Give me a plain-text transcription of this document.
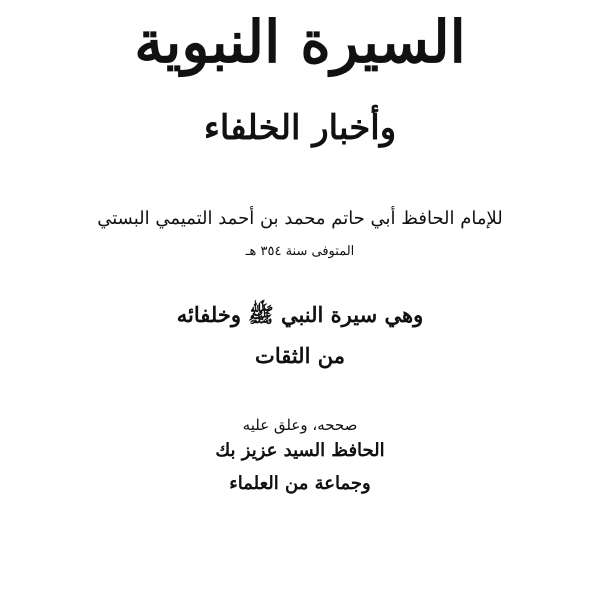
السيرة النبوية
وأخبار الخلفاء
للإمام الحافظ أبي حاتم محمد بن أحمد التميمي البستي
المتوفى سنة ٣٥٤ هـ
وهي سيرة النبي ﷺ وخلفائه
من الثقات
صححه، وعلق عليه
الحافظ السيد عزيز بك
وجماعة من العلماء
